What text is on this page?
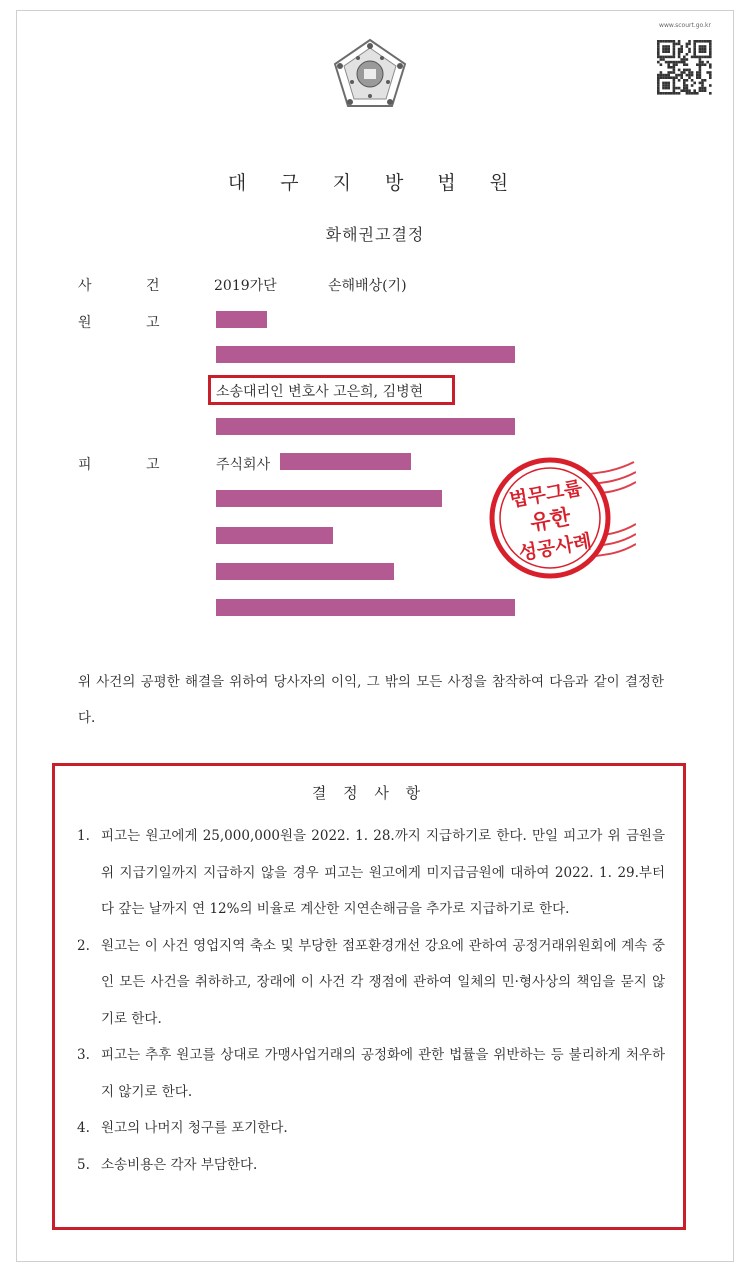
www.scourt.go.kr
대 구 지 방 법 원
화해권고결정
사	건	2019가단	손해배상(기)
원	고
소송대리인 변호사 고은희, 김병현
피	고	주식회사
법무그룹
유한
성공사례
위 사건의 공평한 해결을 위하여 당사자의 이익, 그 밖의 모든 사정을 참작하여 다음과 같이 결정한다.
결 정 사 항
1. 피고는 원고에게 25,000,000원을 2022. 1. 28.까지 지급하기로 한다. 만일 피고가 위 금원을 위 지급기일까지 지급하지 않을 경우 피고는 원고에게 미지급금원에 대하여 2022. 1. 29.부터 다 갚는 날까지 연 12%의 비율로 계산한 지연손해금을 추가로 지급하기로 한다.
2. 원고는 이 사건 영업지역 축소 및 부당한 점포환경개선 강요에 관하여 공정거래위원회에 계속 중인 모든 사건을 취하하고, 장래에 이 사건 각 쟁점에 관하여 일체의 민·형사상의 책임을 묻지 않기로 한다.
3. 피고는 추후 원고를 상대로 가맹사업거래의 공정화에 관한 법률을 위반하는 등 불리하게 처우하지 않기로 한다.
4. 원고의 나머지 청구를 포기한다.
5. 소송비용은 각자 부담한다.
